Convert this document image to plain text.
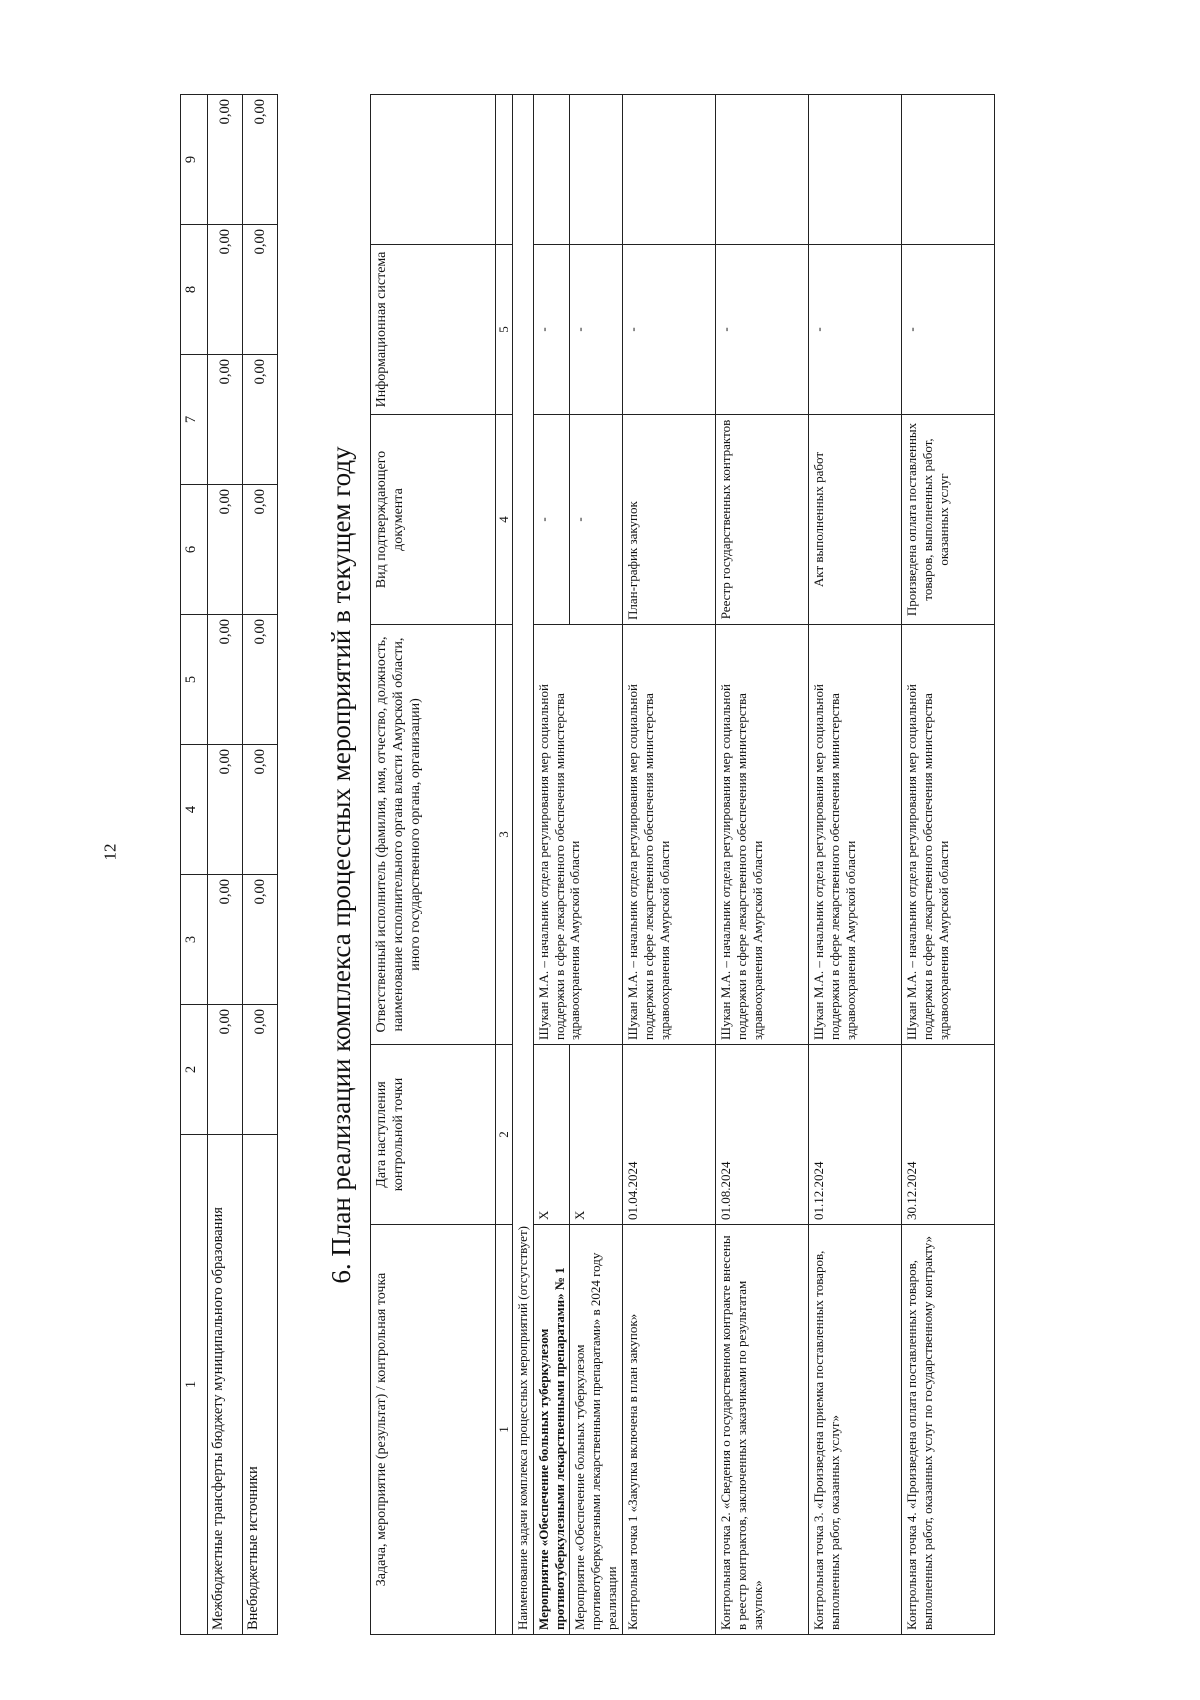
12
1	2	3	4	5	6	7	8	9
Межбюджетные трансферты бюджету муниципального образования	0,00	0,00	0,00	0,00	0,00	0,00	0,00	0,00
Внебюджетные источники	0,00	0,00	0,00	0,00	0,00	0,00	0,00	0,00
6. План реализации комплекса процессных мероприятий в текущем году
Задача, мероприятие (результат) / контрольная точка	Дата наступления контрольной точки	Ответственный исполнитель (фамилия, имя, отчество, должность, наименование исполнительного органа власти Амурской области, иного государственного органа, организации)	Вид подтверждающего документа	Информационная система	
1	2	3	4	5	
Наименование задачи комплекса процессных мероприятий (отсутствует)					
Мероприятие «Обеспечение больных туберкулезом противотуберкулезными лекарственными препаратами» № 1	Х	Шукан М.А. – начальник отдела регулирования мер социальной поддержки в сфере лекарственного обеспечения министерства здравоохранения Амурской области	-	-	
Мероприятие «Обеспечение больных туберкулезом противотуберкулезными лекарственными препаратами» в 2024 году реализации	Х		-	-	
Контрольная точка 1 «Закупка включена в план закупок»	01.04.2024	Шукан М.А. – начальник отдела регулирования мер социальной поддержки в сфере лекарственного обеспечения министерства здравоохранения Амурской области	План-график закупок	-	
Контрольная точка 2. «Сведения о государственном контракте внесены в реестр контрактов, заключенных заказчиками по результатам закупок»	01.08.2024	Шукан М.А. – начальник отдела регулирования мер социальной поддержки в сфере лекарственного обеспечения министерства здравоохранения Амурской области	Реестр государственных контрактов	-	
Контрольная точка 3. «Произведена приемка поставленных товаров, выполненных работ, оказанных услуг»	01.12.2024	Шукан М.А. – начальник отдела регулирования мер социальной поддержки в сфере лекарственного обеспечения министерства здравоохранения Амурской области	Акт выполненных работ	-	
Контрольная точка 4. «Произведена оплата поставленных товаров, выполненных работ, оказанных услуг по государственному контракту»	30.12.2024	Шукан М.А. – начальник отдела регулирования мер социальной поддержки в сфере лекарственного обеспечения министерства здравоохранения Амурской области	Произведена оплата поставленных товаров, выполненных работ, оказанных услуг	-	
